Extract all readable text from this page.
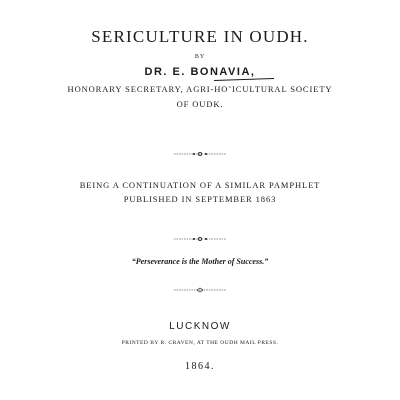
SERICULTURE IN OUDH.
BY
DR. E. BONAVIA,
HONORARY SECRETARY, AGRI-HO˜ICULTURAL SOCIETY
OF OUDK.
BEING A CONTINUATION OF A SIMILAR PAMPHLET
PUBLISHED IN SEPTEMBER 1863
“Perseverance is the Mother of Success.”
LUCKNOW
PRINTED BY R. CRAVEN, AT THE OUDH MAIL PRESS.
1864.
